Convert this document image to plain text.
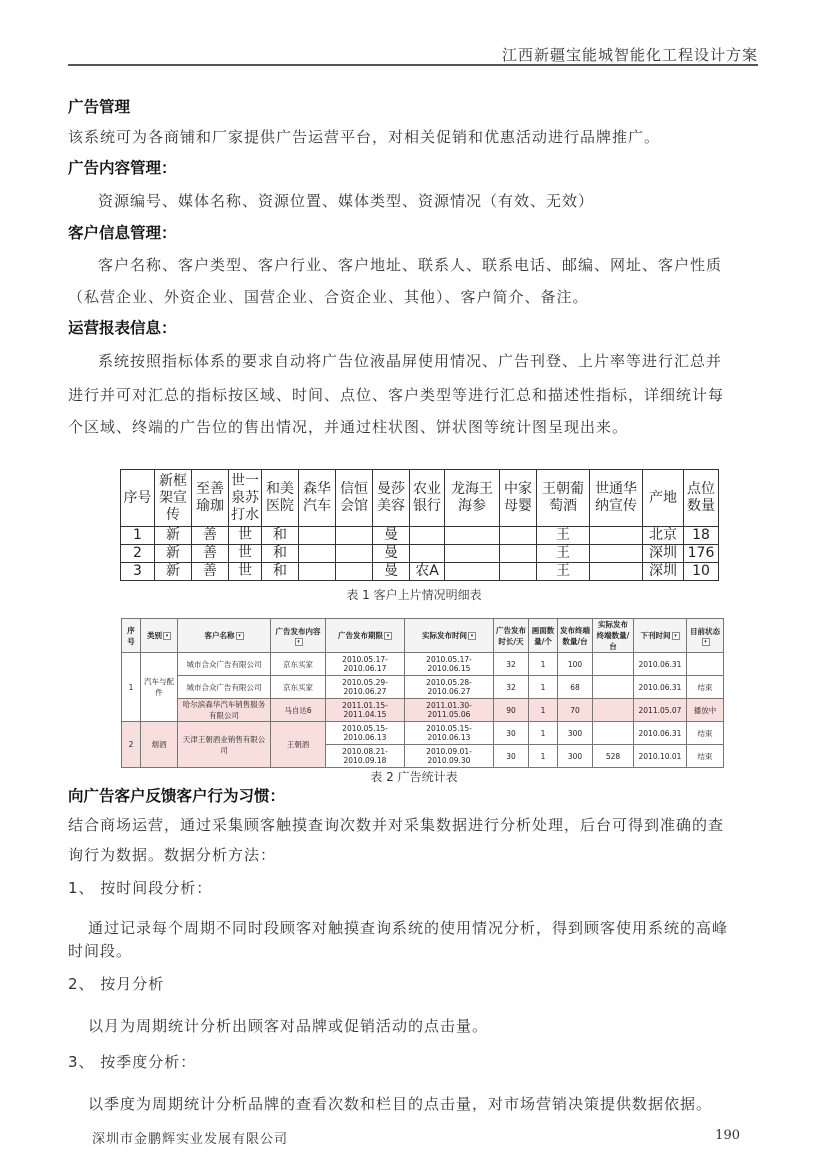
江西新疆宝能城智能化工程设计方案

广告管理

该系统可为各商铺和厂家提供广告运营平台，对相关促销和优惠活动进行品牌推广。

广告内容管理：

资源编号、媒体名称、资源位置、媒体类型、资源情况（有效、无效）

客户信息管理：

客户名称、客户类型、客户行业、客户地址、联系人、联系电话、邮编、网址、客户性质

（私营企业、外资企业、国营企业、合资企业、其他）、客户简介、备注。

运营报表信息：

系统按照指标体系的要求自动将广告位液晶屏使用情况、广告刊登、上片率等进行汇总并

进行并可对汇总的指标按区域、时间、点位、客户类型等进行汇总和描述性指标，详细统计每

个区域、终端的广告位的售出情况，并通过柱状图、饼状图等统计图呈现出来。

序号	新框架宣传	至善瑜珈	世一泉苏打水	和美医院	森华汽车	信恒会馆	曼莎美容	农业银行	龙海王海参	中家母婴	王朝葡萄酒	世通华纳宣传	产地	点位数量
1	新	善	世	和			曼				王		北京	18
2	新	善	世	和			曼				王		深圳	176
3	新	善	世	和			曼	农A			王		深圳	10
表 1 客户上片情况明细表
序号	类别 ▾	客户名称 ▾	广告发布内容▾	广告发布期限 ▾	实际发布时间 ▾	广告发布时长/天	画面数量/个	发布终端数量/台	实际发布终端数量/台	下刊时间 ▾	目前状态▾
1	汽车与配件	城市合众广告有限公司	京东买家	2010.05.17-2010.06.17	2010.05.17-2010.06.15	32	1	100		2010.06.31	
		城市合众广告有限公司	京东买家	2010.05.29-2010.06.27	2010.05.28-2010.06.27	32	1	68		2010.06.31	结束
		哈尔滨森华汽车销售服务有限公司	马自达6	2011.01.15-2011.04.15	2011.01.30-2011.05.06	90	1	70		2011.05.07	播放中
2	烟酒	天津王朝酒业销售有限公司	王朝酒	2010.05.15-2010.06.13	2010.05.15-2010.06.13	30	1	300		2010.06.31	结束
				2010.08.21-2010.09.18	2010.09.01-2010.09.30	30	1	300	528	2010.10.01	结束
表 2 广告统计表

向广告客户反馈客户行为习惯：

结合商场运营，通过采集顾客触摸查询次数并对采集数据进行分析处理，后台可得到准确的查

询行为数据。数据分析方法：

1、 按时间段分析：

通过记录每个周期不同时段顾客对触摸查询系统的使用情况分析，得到顾客使用系统的高峰

时间段。

2、 按月分析

以月为周期统计分析出顾客对品牌或促销活动的点击量。

3、 按季度分析：

以季度为周期统计分析品牌的查看次数和栏目的点击量，对市场营销决策提供数据依据。

深圳市金鹏辉实业发展有限公司	190
